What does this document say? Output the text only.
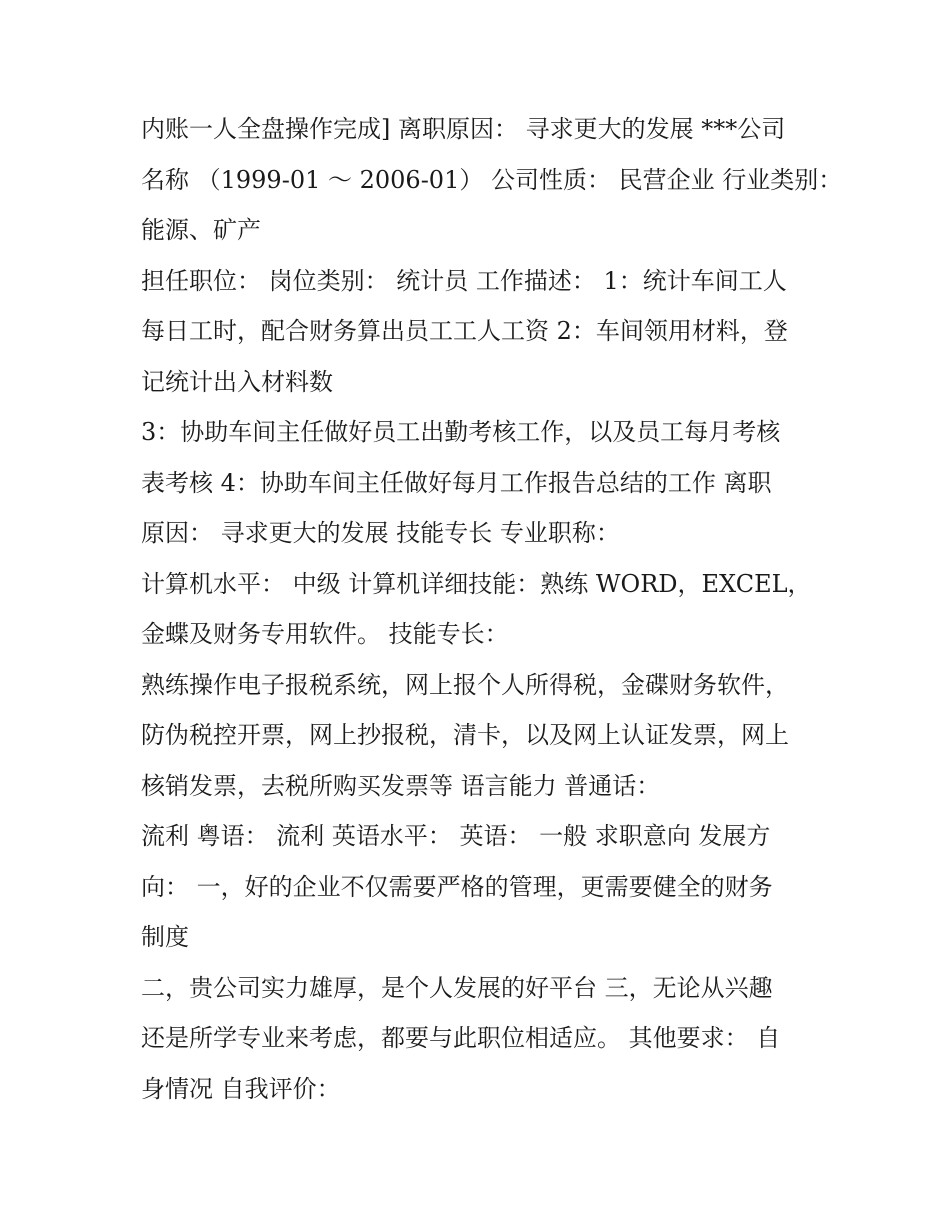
内账一人全盘操作完成] 离职原因： 寻求更大的发展 ***公司
名称 （1999-01 ～ 2006-01） 公司性质： 民营企业 行业类别：
能源、矿产
担任职位： 岗位类别： 统计员 工作描述： 1：统计车间工人
每日工时，配合财务算出员工工人工资 2：车间领用材料，登
记统计出入材料数
3：协助车间主任做好员工出勤考核工作，以及员工每月考核
表考核 4：协助车间主任做好每月工作报告总结的工作 离职
原因： 寻求更大的发展 技能专长 专业职称：
计算机水平： 中级 计算机详细技能：熟练 WORD，EXCEL，
金蝶及财务专用软件。 技能专长：
熟练操作电子报税系统，网上报个人所得税，金碟财务软件，
防伪税控开票，网上抄报税，清卡，以及网上认证发票，网上
核销发票，去税所购买发票等 语言能力 普通话：
流利 粤语： 流利 英语水平： 英语： 一般 求职意向 发展方
向： 一，好的企业不仅需要严格的管理，更需要健全的财务
制度
二，贵公司实力雄厚，是个人发展的好平台 三，无论从兴趣
还是所学专业来考虑，都要与此职位相适应。 其他要求： 自
身情况 自我评价：
